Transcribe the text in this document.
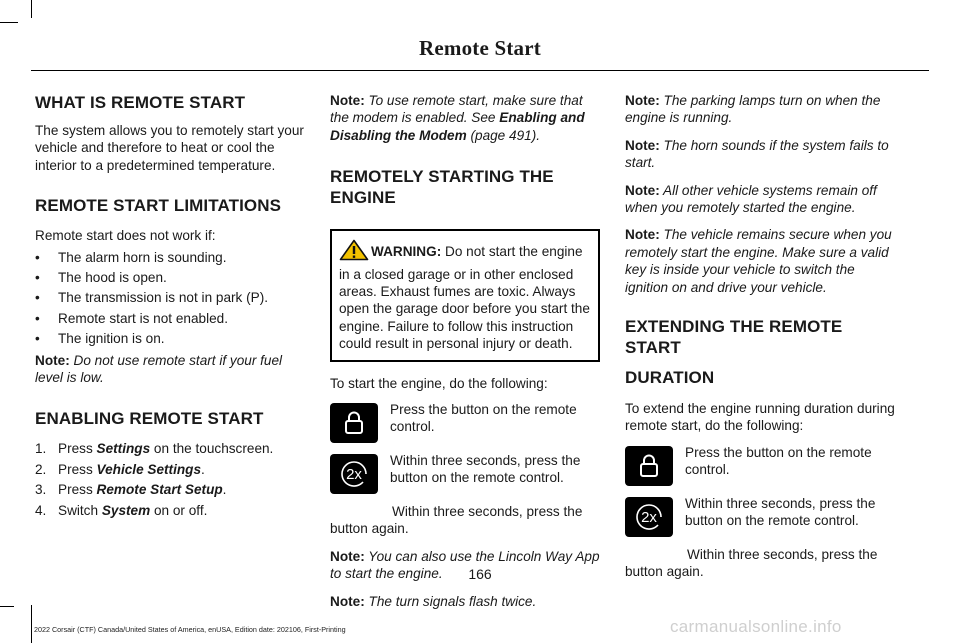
Remote Start
WHAT IS REMOTE START

The system allows you to remotely start your vehicle and therefore to heat or cool the interior to a predetermined temperature.

REMOTE START LIMITATIONS

Remote start does not work if:

• The alarm horn is sounding.
• The hood is open.
• The transmission is not in park (P).
• Remote start is not enabled.
• The ignition is on.

Note: Do not use remote start if your fuel level is low.

ENABLING REMOTE START
1. Press Settings on the touchscreen.
2. Press Vehicle Settings.
3. Press Remote Start Setup.
4. Switch System on or off.

Note: To use remote start, make sure that the modem is enabled. See Enabling and Disabling the Modem (page 491).

REMOTELY STARTING THE ENGINE
WARNING: Do not start the engine in a closed garage or in other enclosed areas. Exhaust fumes are toxic. Always open the garage door before you start the engine. Failure to follow this instruction could result in personal injury or death.

To start the engine, do the following:

Press the button on the remote control.
2x
Within three seconds, press the button on the remote control.

Within three seconds, press the button again.

Note: You can also use the Lincoln Way App to start the engine.

Note: The turn signals flash twice.

Note: The parking lamps turn on when the engine is running.

Note: The horn sounds if the system fails to start.

Note: All other vehicle systems remain off when you remotely started the engine.

Note: The vehicle remains secure when you remotely start the engine. Make sure a valid key is inside your vehicle to switch the ignition on and drive your vehicle.

EXTENDING THE REMOTE START
DURATION

To extend the engine running duration during remote start, do the following:

Press the button on the remote control.
2x
Within three seconds, press the button on the remote control.

Within three seconds, press the button again.

166
2022 Corsair (CTF) Canada/United States of America, enUSA, Edition date: 202106, First-Printing	carmanualsonline.info
